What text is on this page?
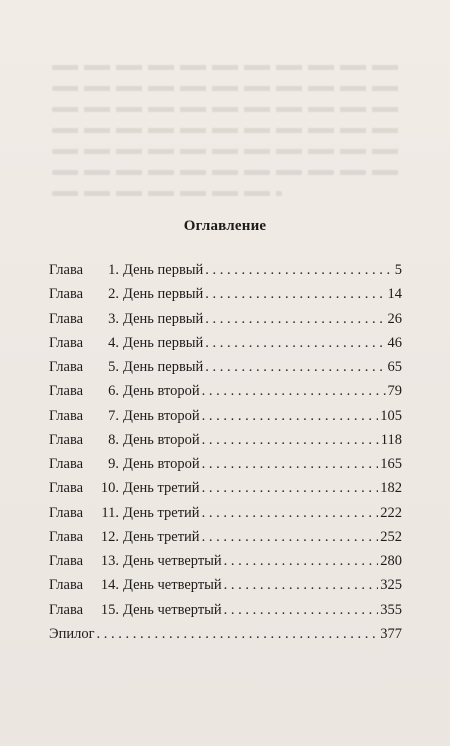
Оглавление
Глава	1. День первый . . .	5
Глава	2. День первый . . .	14
Глава	3. День первый . . .	26
Глава	4. День первый . . .	46
Глава	5. День первый . . .	65
Глава	6. День второй . . .	79
Глава	7. День второй . . .	105
Глава	8. День второй . . .	118
Глава	9. День второй . . .	165
Глава	10. День третий . . .	182
Глава	11. День третий . . .	222
Глава	12. День третий . . .	252
Глава	13. День четвертый . . .	280
Глава	14. День четвертый . . .	325
Глава	15. День четвертый . . .	355
Эпилог . . .	377
